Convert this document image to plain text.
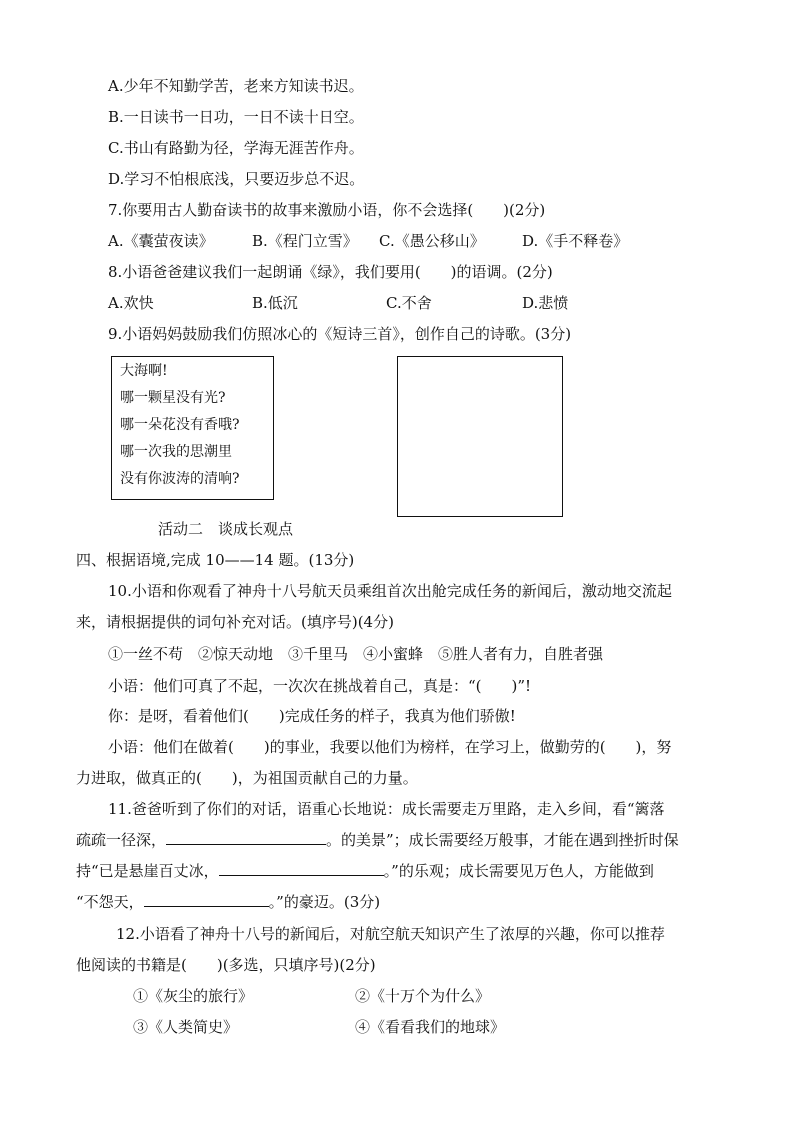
A.少年不知勤学苦，老来方知读书迟。
B.一日读书一日功，一日不读十日空。
C.书山有路勤为径，学海无涯苦作舟。
D.学习不怕根底浅，只要迈步总不迟。
7.你要用古人勤奋读书的故事来激励小语，你不会选择(　　)(2分)
A.《囊萤夜读》	B.《程门立雪》 C.《愚公移山》 D.《手不释卷》
8.小语爸爸建议我们一起朗诵《绿》，我们要用(　　)的语调。(2分)
A.欢快	B.低沉	C.不舍	D.悲愤
9.小语妈妈鼓励我们仿照冰心的《短诗三首》，创作自己的诗歌。(3分)
大海啊!
哪一颗星没有光?
哪一朵花没有香哦?
哪一次我的思潮里
没有你波涛的清响?
活动二　谈成长观点
四、根据语境,完成 10——14 题。(13分)
10.小语和你观看了神舟十八号航天员乘组首次出舱完成任务的新闻后，激动地交流起
来，请根据提供的词句补充对话。(填序号)(4分)
①一丝不苟　②惊天动地　③千里马　④小蜜蜂　⑤胜人者有力，自胜者强
小语：他们可真了不起，一次次在挑战着自己，真是：“(　　)”!
你：是呀，看着他们(　　)完成任务的样子，我真为他们骄傲!
小语：他们在做着(　　)的事业，我要以他们为榜样，在学习上，做勤劳的(　　)，努
力进取，做真正的(　　)，为祖国贡献自己的力量。
11.爸爸听到了你们的对话，语重心长地说：成长需要走万里路，走入乡间，看“篱落
疏疏一径深，	。的美景”；成长需要经万般事，才能在遇到挫折时保
持“已是悬崖百丈冰，	。”的乐观；成长需要见万色人，方能做到
“不怨天，	。”的豪迈。(3分)
12.小语看了神舟十八号的新闻后，对航空航天知识产生了浓厚的兴趣，你可以推荐
他阅读的书籍是(　　)(多选，只填序号)(2分)
①《灰尘的旅行》	②《十万个为什么》
③《人类简史》	④《看看我们的地球》
